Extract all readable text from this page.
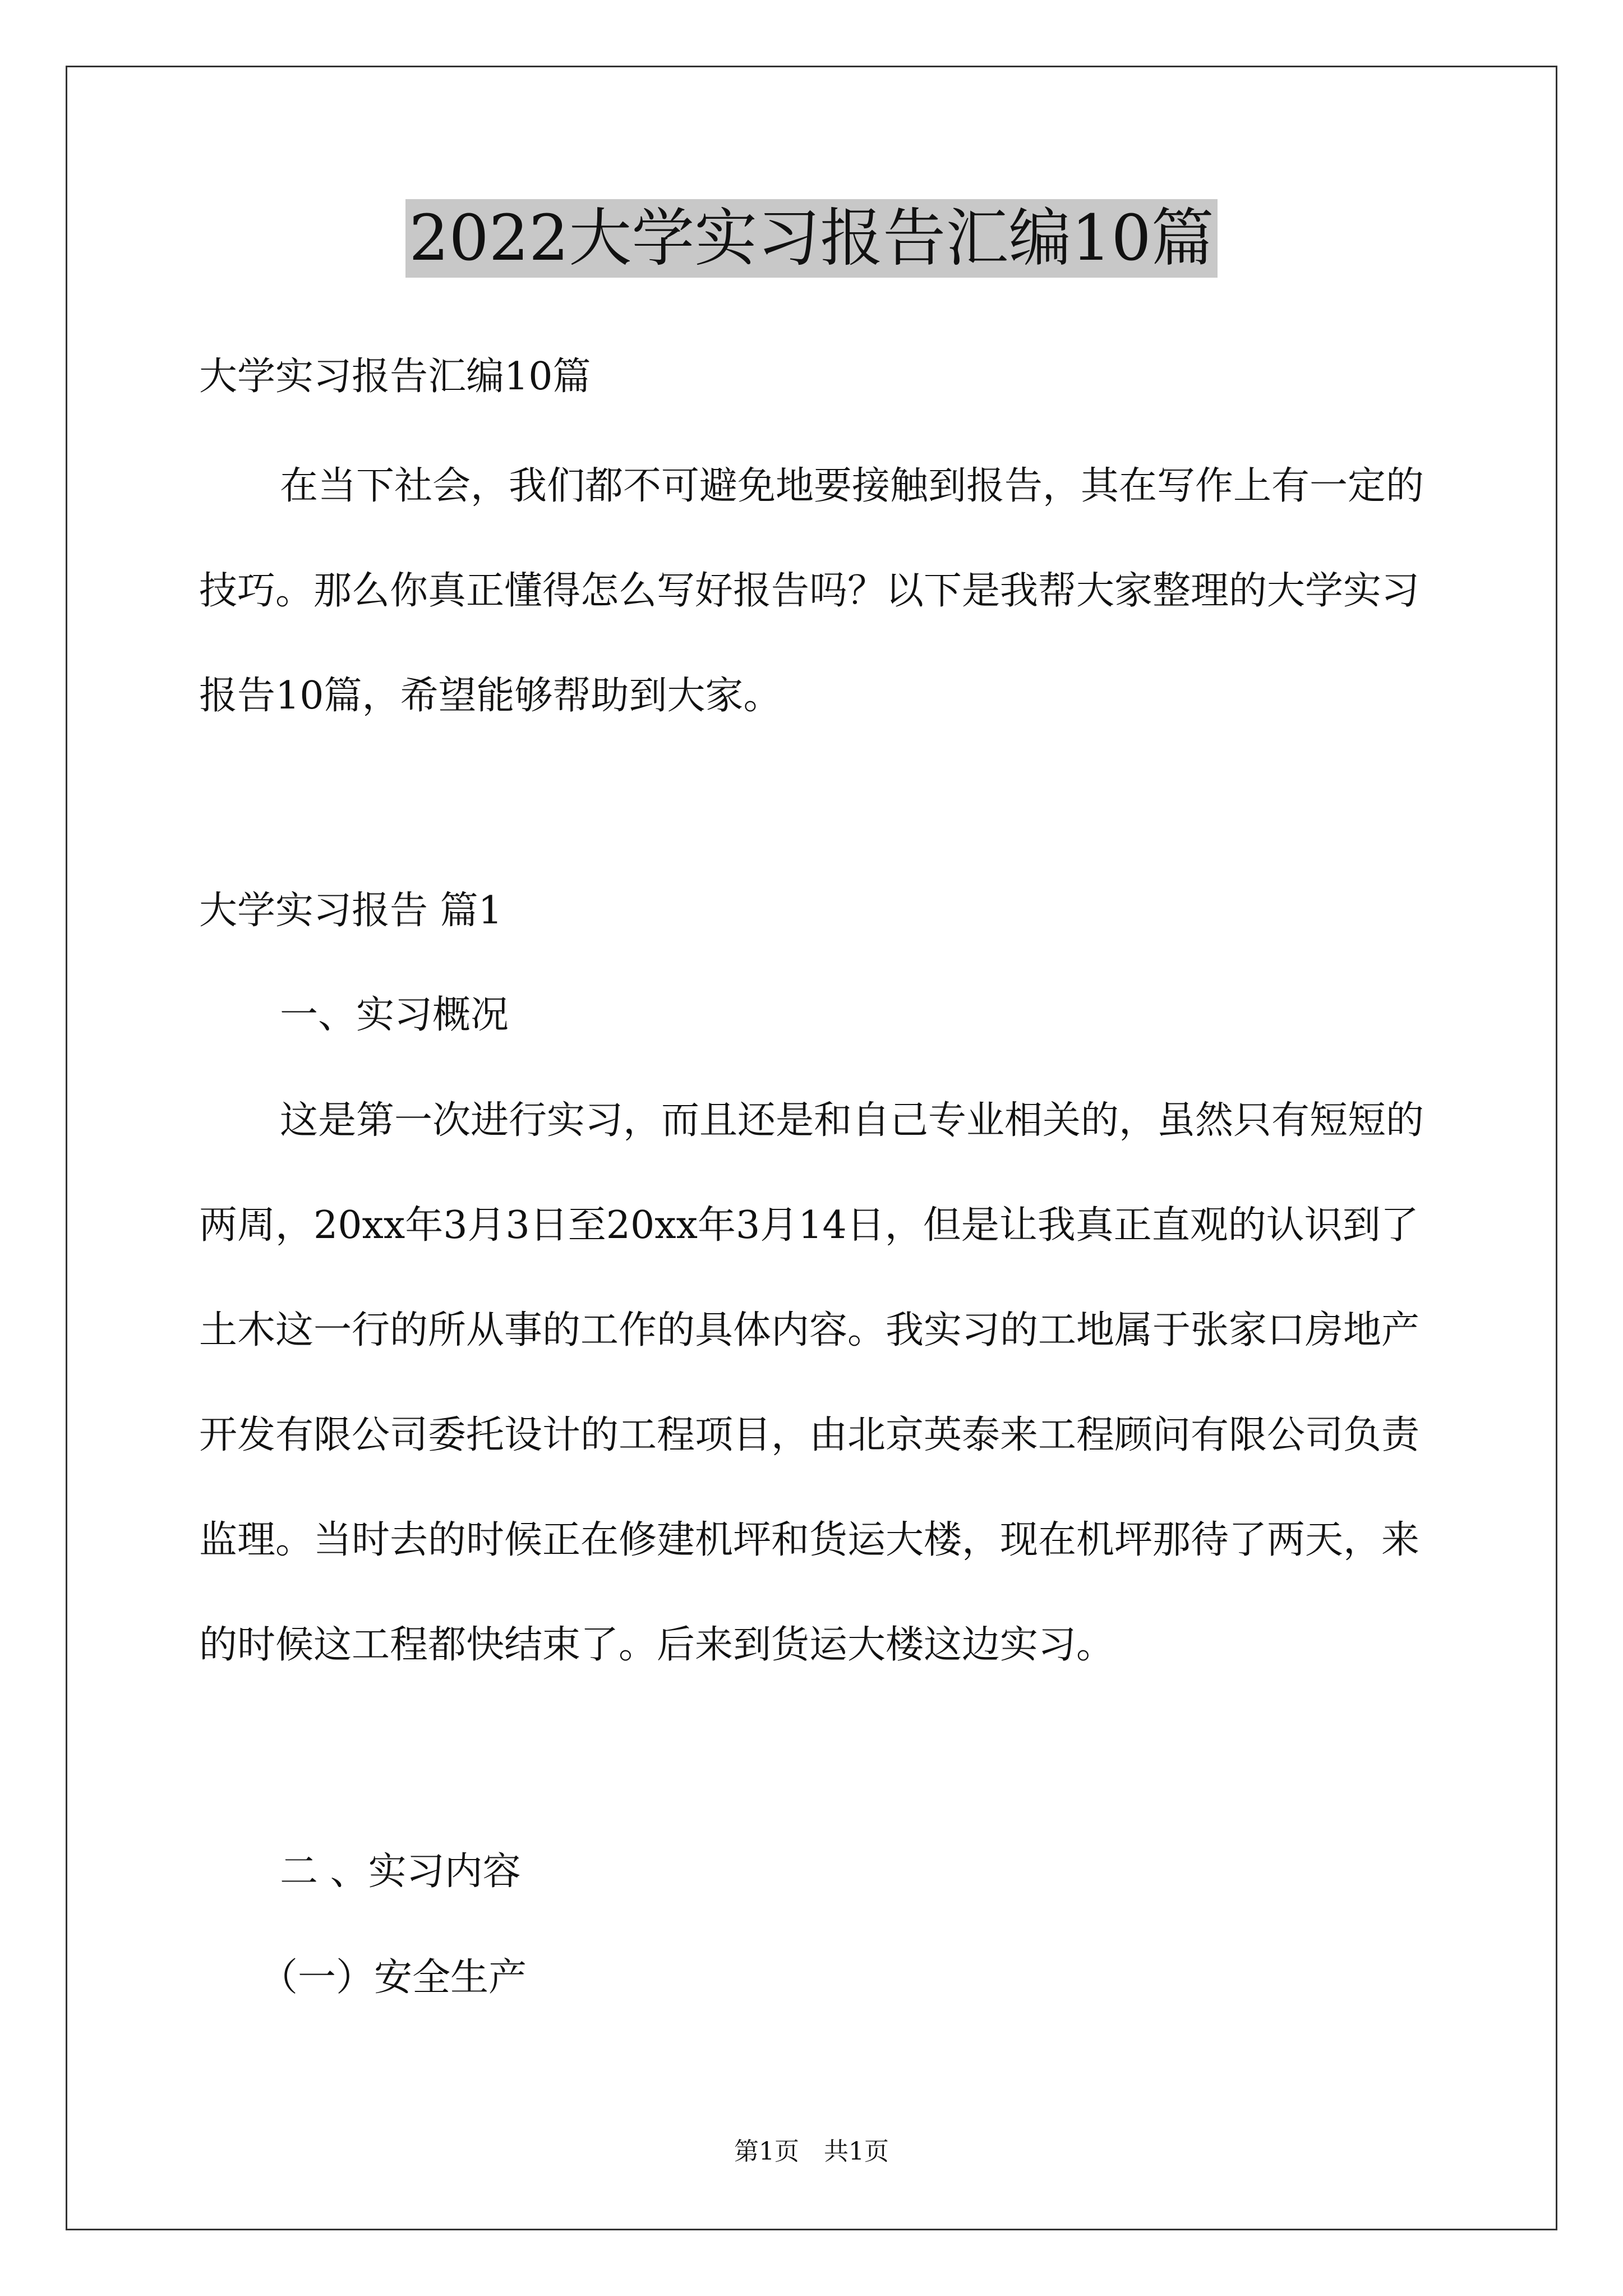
2022大学实习报告汇编10篇

大学实习报告汇编10篇

在当下社会，我们都不可避免地要接触到报告，其在写作上有一定的技巧。那么你真正懂得怎么写好报告吗？以下是我帮大家整理的大学实习报告10篇，希望能够帮助到大家。

大学实习报告 篇1

一、实习概况

这是第一次进行实习，而且还是和自己专业相关的，虽然只有短短的两周，20xx年3月3日至20xx年3月14日，但是让我真正直观的认识到了土木这一行的所从事的工作的具体内容。我实习的工地属于张家口房地产开发有限公司委托设计的工程项目，由北京英泰来工程顾问有限公司负责监理。当时去的时候正在修建机坪和货运大楼，现在机坪那待了两天，来的时候这工程都快结束了。后来到货运大楼这边实习。

二 、实习内容

（一）安全生产

第1页　共1页
